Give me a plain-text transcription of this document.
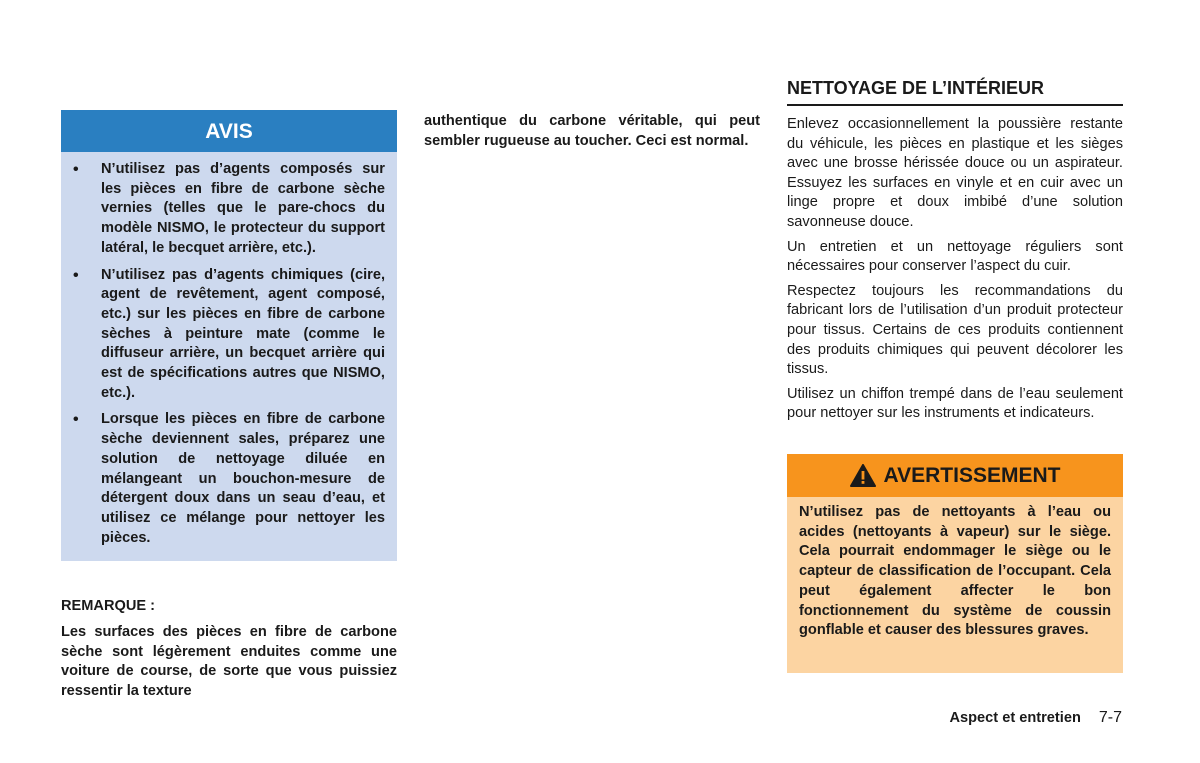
AVIS
• N’utilisez pas d’agents composés sur les pièces en fibre de carbone sèche vernies (telles que le pare-chocs du modèle NISMO, le protecteur du support latéral, le becquet arrière, etc.).
• N’utilisez pas d’agents chimiques (cire, agent de revêtement, agent composé, etc.) sur les pièces en fibre de carbone sèches à peinture mate (comme le diffuseur arrière, un becquet arrière qui est de spécifications autres que NISMO, etc.).
• Lorsque les pièces en fibre de carbone sèche deviennent sales, préparez une solution de nettoyage diluée en mélangeant un bouchon-mesure de détergent doux dans un seau d’eau, et utilisez ce mélange pour nettoyer les pièces.
REMARQUE :
Les surfaces des pièces en fibre de carbone sèche sont légèrement enduites comme une voiture de course, de sorte que vous puissiez ressentir la texture
authentique du carbone véritable, qui peut sembler rugueuse au toucher. Ceci est normal.
NETTOYAGE DE L’INTÉRIEUR

Enlevez occasionnellement la poussière restante du véhicule, les pièces en plastique et les sièges avec une brosse hérissée douce ou un aspirateur. Essuyez les surfaces en vinyle et en cuir avec un linge propre et doux imbibé d’une solution savonneuse douce.

Un entretien et un nettoyage réguliers sont nécessaires pour conserver l’aspect du cuir.

Respectez toujours les recommandations du fabricant lors de l’utilisation d’un produit protecteur pour tissus. Certains de ces produits contiennent des produits chimiques qui peuvent décolorer les tissus.

Utilisez un chiffon trempé dans de l’eau seulement pour nettoyer sur les instruments et indicateurs.

AVERTISSEMENT
N’utilisez pas de nettoyants à l’eau ou acides (nettoyants à vapeur) sur le siège. Cela pourrait endommager le siège ou le capteur de classification de l’occupant. Cela peut également affecter le bon fonctionnement du système de coussin gonflable et causer des blessures graves.
Aspect et entretien 7-7
